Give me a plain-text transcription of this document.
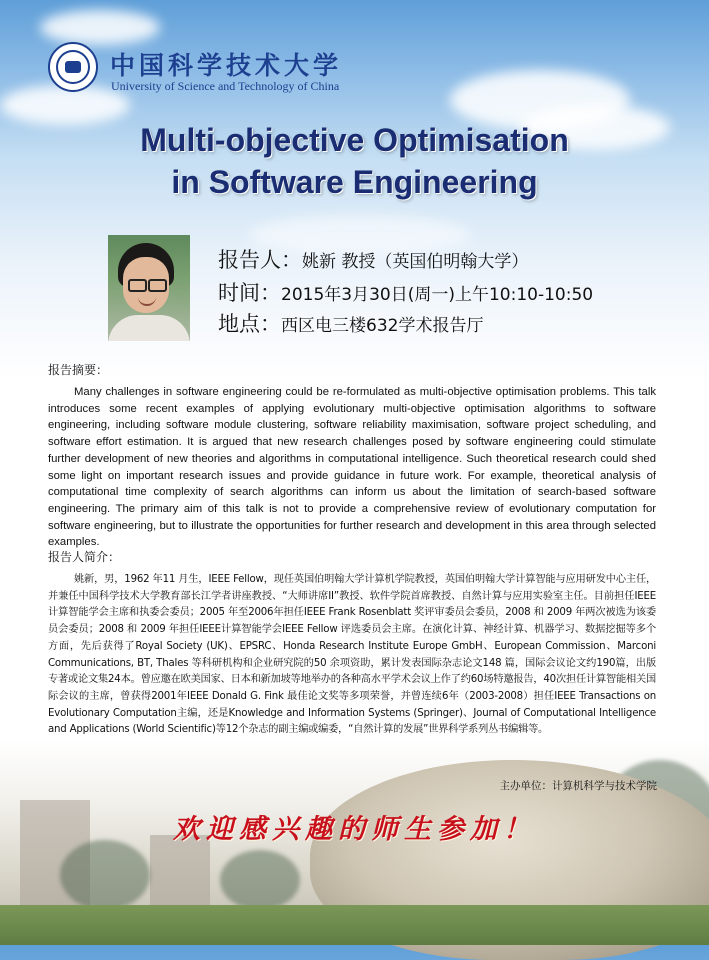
中国科学技术大学
University of Science and Technology of China
Multi-objective Optimisation
in Software Engineering
报告人：姚新 教授（英国伯明翰大学）
时间：2015年3月30日(周一)上午10:10-10:50
地点：西区电三楼632学术报告厅
报告摘要：

Many challenges in software engineering could be re-formulated as multi-objective optimisation problems. This talk introduces some recent examples of applying evolutionary multi-objective optimisation algorithms to software engineering, including software module clustering, software reliability maximisation, software project scheduling, and software effort estimation. It is argued that new research challenges posed by software engineering could stimulate further development of new theories and algorithms in computational intelligence. Such theoretical research could shed some light on important research issues and provide guidance in future work. For example, theoretical analysis of computational time complexity of search algorithms can inform us about the limitation of search-based software engineering. The primary aim of this talk is not to provide a comprehensive review of evolutionary computation for software engineering, but to illustrate the opportunities for further research and development in this area through selected examples.

报告人简介：

姚新，男，1962 年11 月生，IEEE Fellow，现任英国伯明翰大学计算机学院教授，英国伯明翰大学计算智能与应用研发中心主任，并兼任中国科学技术大学教育部长江学者讲座教授、“大师讲席II”教授、软件学院首席教授、自然计算与应用实验室主任。目前担任IEEE 计算智能学会主席和执委会委员；2005 年至2006年担任IEEE Frank Rosenblatt 奖评审委员会委员，2008 和 2009 年两次被选为该委员会委员；2008 和 2009 年担任IEEE计算智能学会IEEE Fellow 评选委员会主席。在演化计算、神经计算、机器学习、数据挖掘等多个方面，先后获得了Royal Society (UK)、EPSRC、Honda Research Institute Europe GmbH、European Commission、Marconi Communications, BT, Thales 等科研机构和企业研究院的50 余项资助，累计发表国际杂志论文148 篇，国际会议论文约190篇，出版专著或论文集24本。曾应邀在欧美国家、日本和新加坡等地举办的各种高水平学术会议上作了约60场特邀报告，40次担任计算智能相关国际会议的主席，曾获得2001年IEEE Donald G. Fink 最佳论文奖等多项荣誉，并曾连续6年（2003-2008）担任IEEE Transactions on Evolutionary Computation主编，还是Knowledge and Information Systems (Springer)、Journal of Computational Intelligence and Applications (World Scientific)等12个杂志的副主编或编委，“自然计算的发展”世界科学系列丛书编辑等。

主办单位：计算机科学与技术学院
欢迎感兴趣的师生参加！
